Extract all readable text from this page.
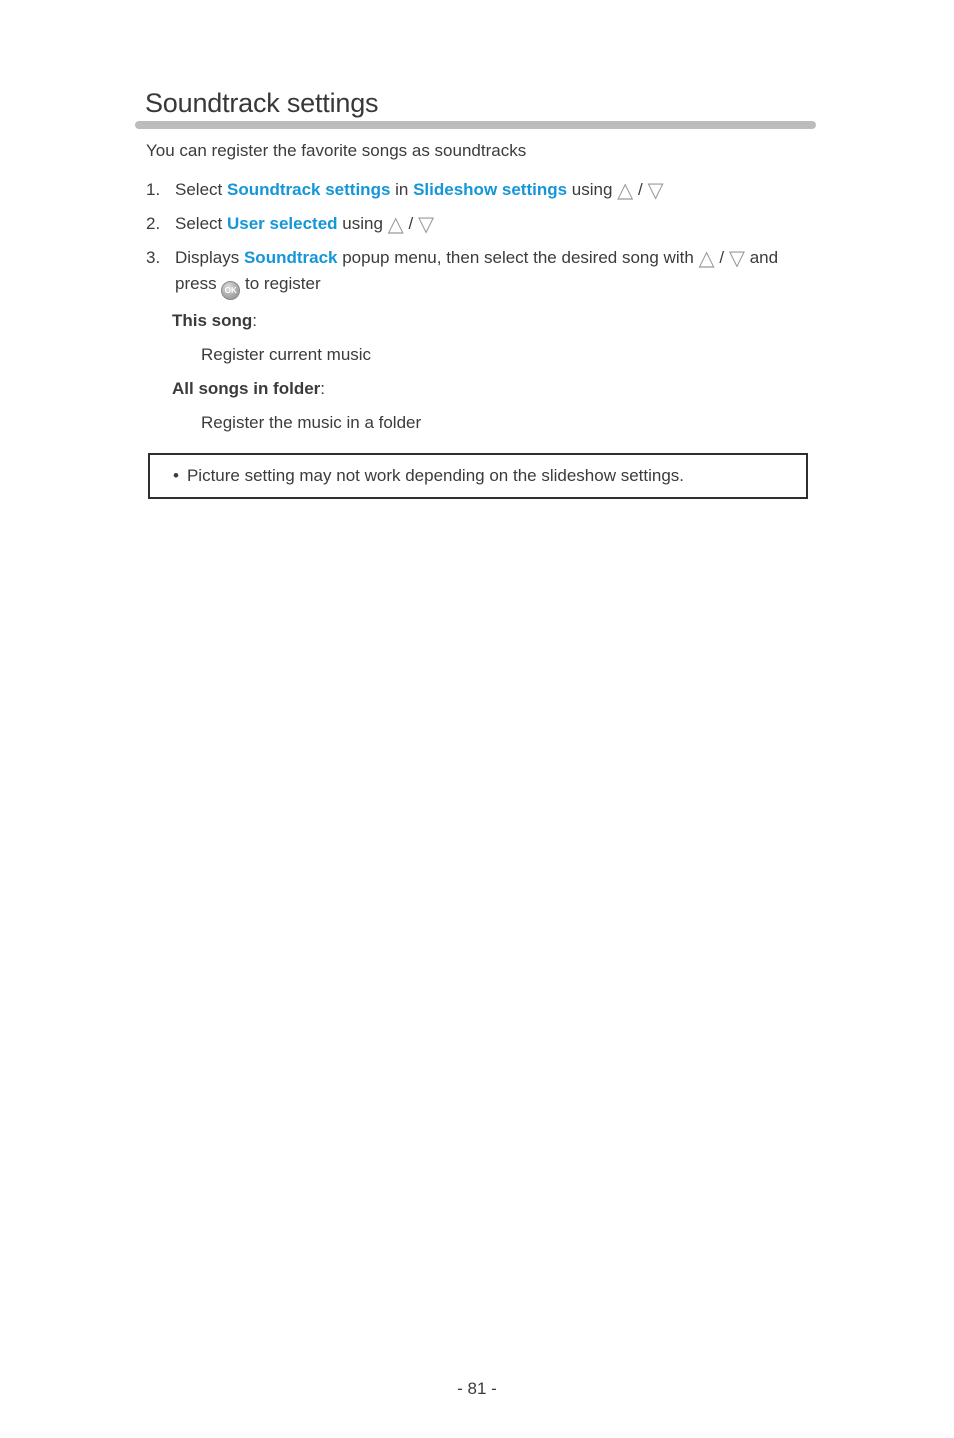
Soundtrack settings

You can register the favorite songs as soundtracks

1. Select Soundtrack settings in Slideshow settings using △ / ▽
2. Select User selected using △ / ▽
3. Displays Soundtrack popup menu, then select the desired song with △ / ▽ and press OK to register

This song:

Register current music

All songs in folder:

Register the music in a folder

• Picture setting may not work depending on the slideshow settings.
- 81 -
